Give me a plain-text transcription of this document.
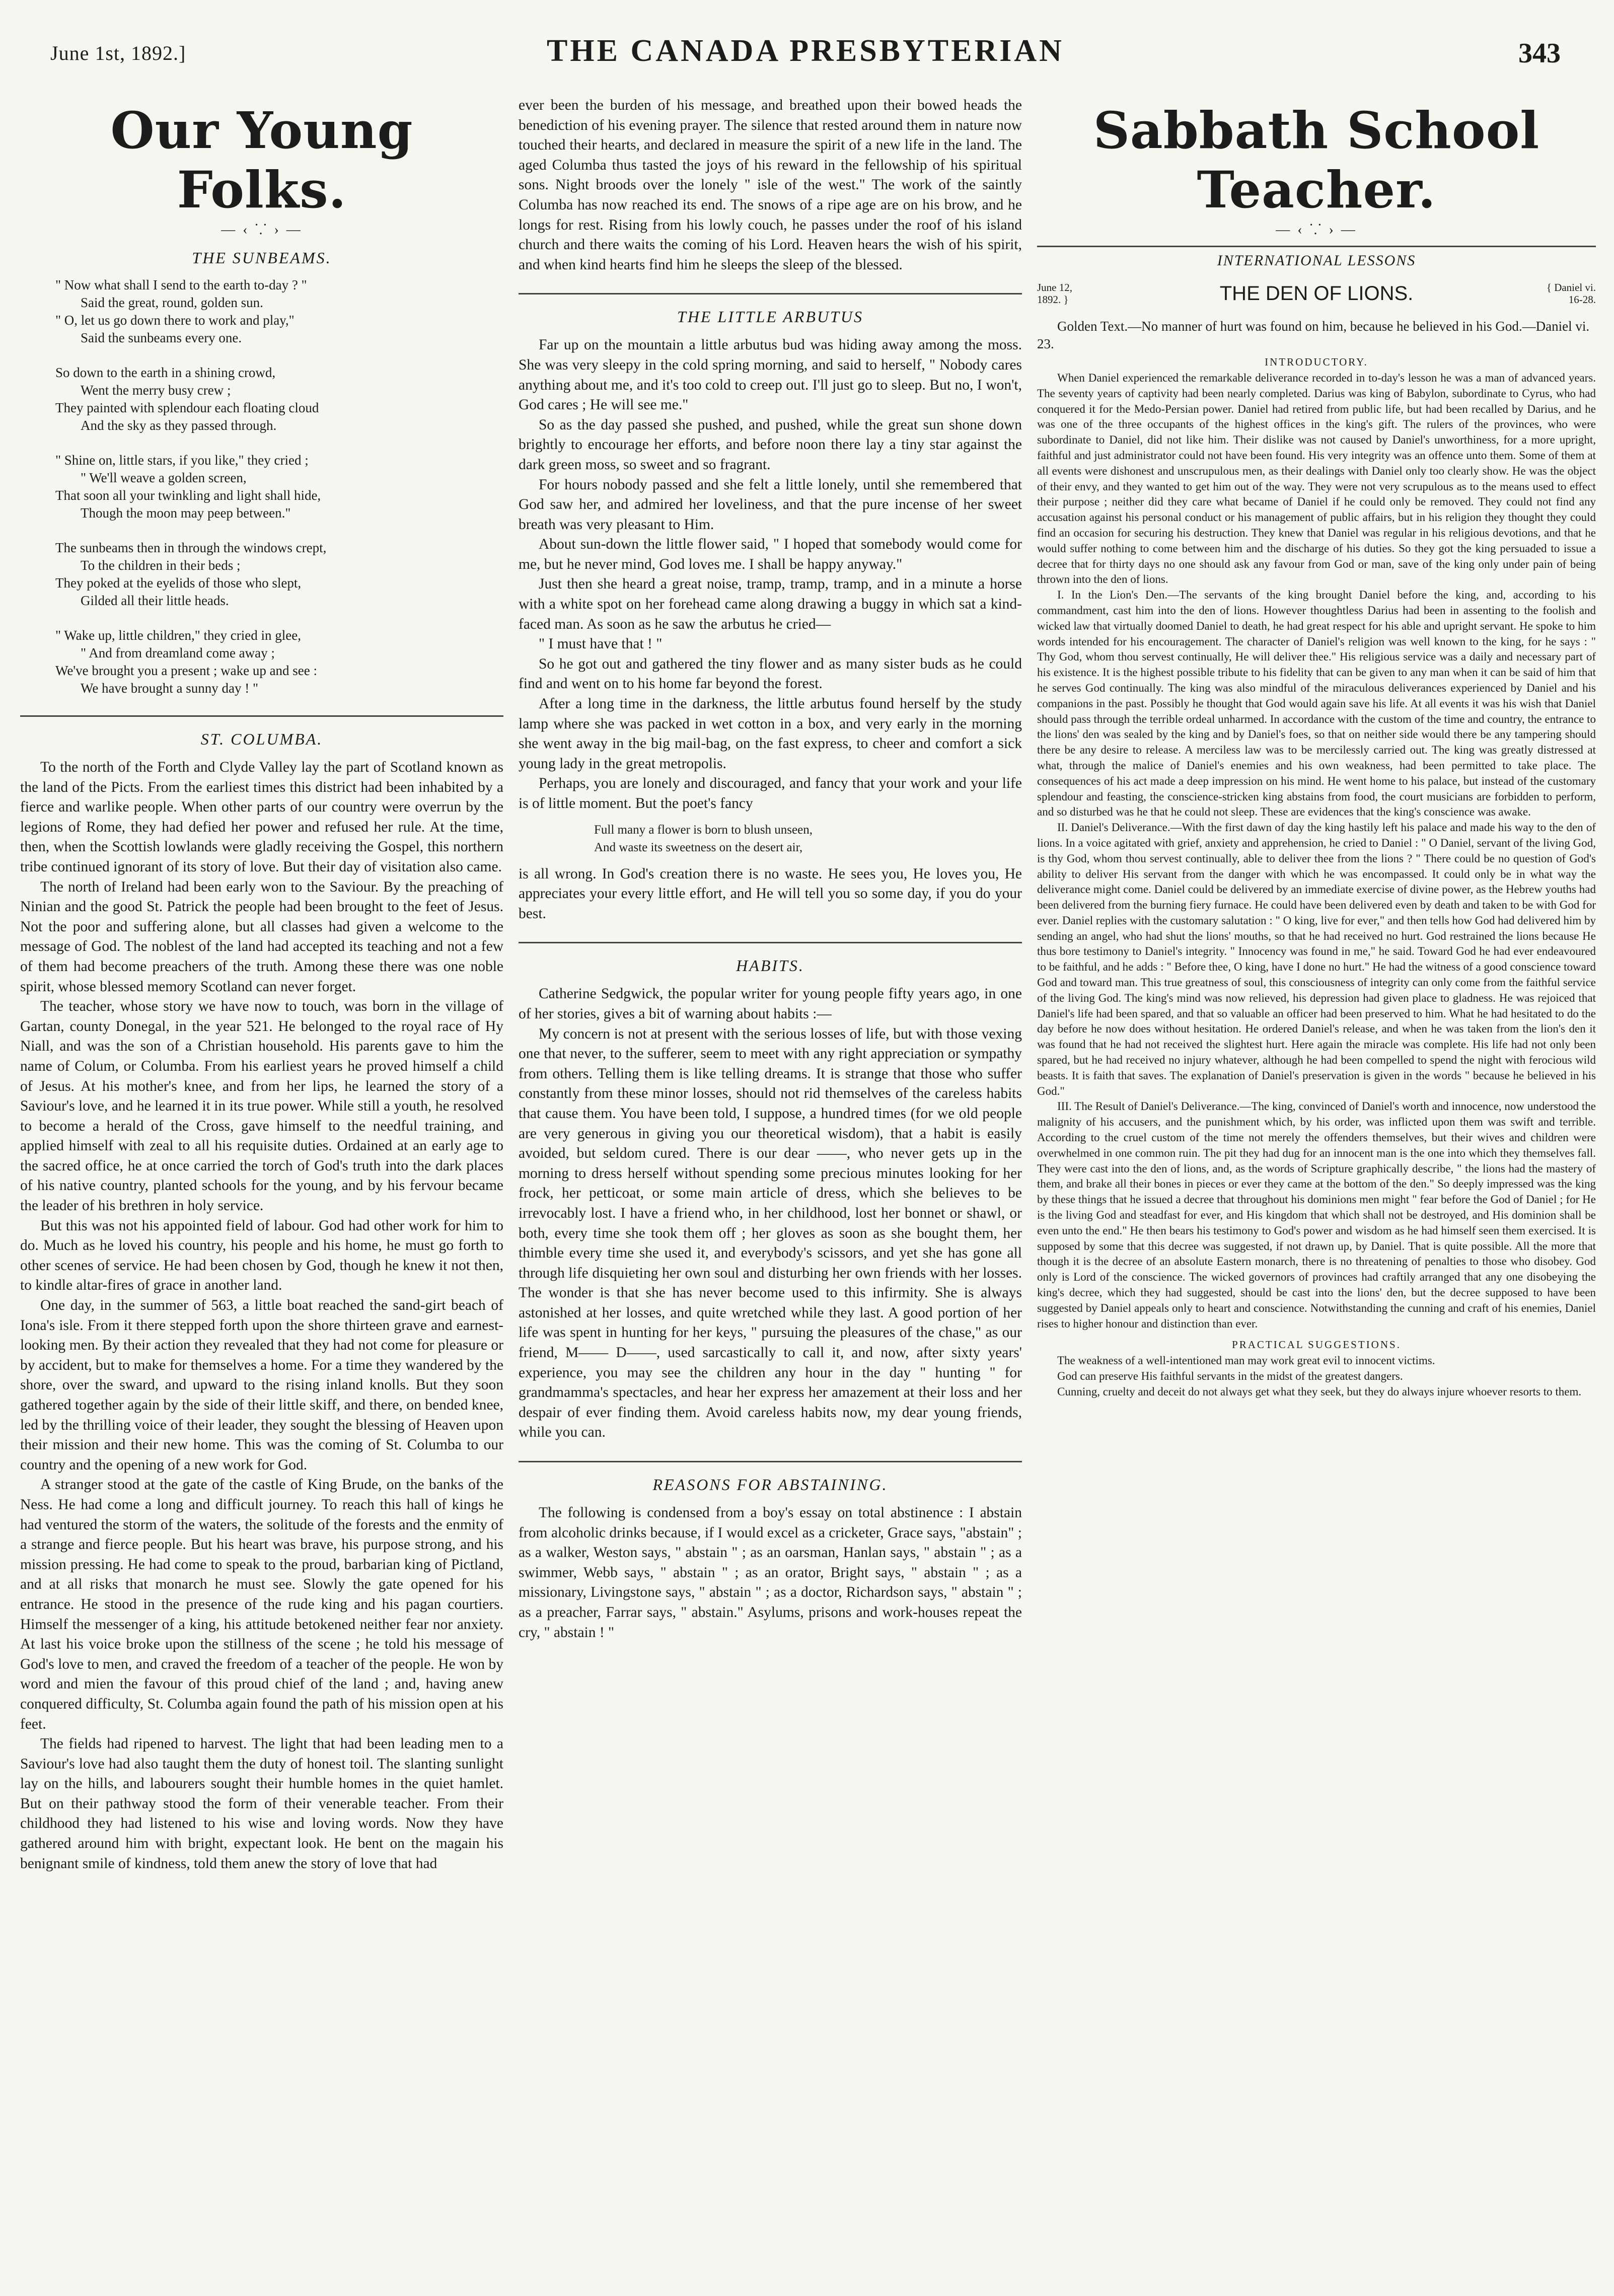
June 1st, 1892.]	THE CANADA PRESBYTERIAN	343
Our Young Folks.
— ‹ ⸪ › —
THE SUNBEAMS.
" Now what shall I send to the earth to-day ? "
Said the great, round, golden sun.
" O, let us go down there to work and play,"
Said the sunbeams every one.
So down to the earth in a shining crowd,
Went the merry busy crew ;
They painted with splendour each floating cloud
And the sky as they passed through.
" Shine on, little stars, if you like," they cried ;
" We'll weave a golden screen,
That soon all your twinkling and light shall hide,
Though the moon may peep between."
The sunbeams then in through the windows crept,
To the children in their beds ;
They poked at the eyelids of those who slept,
Gilded all their little heads.
" Wake up, little children," they cried in glee,
" And from dreamland come away ;
We've brought you a present ; wake up and see :
We have brought a sunny day ! "
ST. COLUMBA.

To the north of the Forth and Clyde Valley lay the part of Scotland known as the land of the Picts. From the earliest times this district had been inhabited by a fierce and warlike people. When other parts of our country were overrun by the legions of Rome, they had defied her power and refused her rule. At the time, then, when the Scottish lowlands were gladly receiving the Gospel, this northern tribe continued ignorant of its story of love. But their day of visitation also came.

The north of Ireland had been early won to the Saviour. By the preaching of Ninian and the good St. Patrick the people had been brought to the feet of Jesus. Not the poor and suffering alone, but all classes had given a welcome to the message of God. The noblest of the land had accepted its teaching and not a few of them had become preachers of the truth. Among these there was one noble spirit, whose blessed memory Scotland can never forget.

The teacher, whose story we have now to touch, was born in the village of Gartan, county Donegal, in the year 521. He belonged to the royal race of Hy Niall, and was the son of a Christian household. His parents gave to him the name of Colum, or Columba. From his earliest years he proved himself a child of Jesus. At his mother's knee, and from her lips, he learned the story of a Saviour's love, and he learned it in its true power. While still a youth, he resolved to become a herald of the Cross, gave himself to the needful training, and applied himself with zeal to all his requisite duties. Ordained at an early age to the sacred office, he at once carried the torch of God's truth into the dark places of his native country, planted schools for the young, and by his fervour became the leader of his brethren in holy service.

But this was not his appointed field of labour. God had other work for him to do. Much as he loved his country, his people and his home, he must go forth to other scenes of service. He had been chosen by God, though he knew it not then, to kindle altar-fires of grace in another land.

One day, in the summer of 563, a little boat reached the sand-girt beach of Iona's isle. From it there stepped forth upon the shore thirteen grave and earnest-looking men. By their action they revealed that they had not come for pleasure or by accident, but to make for themselves a home. For a time they wandered by the shore, over the sward, and upward to the rising inland knolls. But they soon gathered together again by the side of their little skiff, and there, on bended knee, led by the thrilling voice of their leader, they sought the blessing of Heaven upon their mission and their new home. This was the coming of St. Columba to our country and the opening of a new work for God.

A stranger stood at the gate of the castle of King Brude, on the banks of the Ness. He had come a long and difficult journey. To reach this hall of kings he had ventured the storm of the waters, the solitude of the forests and the enmity of a strange and fierce people. But his heart was brave, his purpose strong, and his mission pressing. He had come to speak to the proud, barbarian king of Pictland, and at all risks that monarch he must see. Slowly the gate opened for his entrance. He stood in the presence of the rude king and his pagan courtiers. Himself the messenger of a king, his attitude betokened neither fear nor anxiety. At last his voice broke upon the stillness of the scene ; he told his message of God's love to men, and craved the freedom of a teacher of the people. He won by word and mien the favour of this proud chief of the land ; and, having anew conquered difficulty, St. Columba again found the path of his mission open at his feet.

The fields had ripened to harvest. The light that had been leading men to a Saviour's love had also taught them the duty of honest toil. The slanting sunlight lay on the hills, and labourers sought their humble homes in the quiet hamlet. But on their pathway stood the form of their venerable teacher. From their childhood they had listened to his wise and loving words. Now they have gathered around him with bright, expectant look. He bent on the magain his benignant smile of kindness, told them anew the story of love that had

ever been the burden of his message, and breathed upon their bowed heads the benediction of his evening prayer. The silence that rested around them in nature now touched their hearts, and declared in measure the spirit of a new life in the land. The aged Columba thus tasted the joys of his reward in the fellowship of his spiritual sons. Night broods over the lonely " isle of the west." The work of the saintly Columba has now reached its end. The snows of a ripe age are on his brow, and he longs for rest. Rising from his lowly couch, he passes under the roof of his island church and there waits the coming of his Lord. Heaven hears the wish of his spirit, and when kind hearts find him he sleeps the sleep of the blessed.

THE LITTLE ARBUTUS

Far up on the mountain a little arbutus bud was hiding away among the moss. She was very sleepy in the cold spring morning, and said to herself, " Nobody cares anything about me, and it's too cold to creep out. I'll just go to sleep. But no, I won't, God cares ; He will see me."

So as the day passed she pushed, and pushed, while the great sun shone down brightly to encourage her efforts, and before noon there lay a tiny star against the dark green moss, so sweet and so fragrant.

For hours nobody passed and she felt a little lonely, until she remembered that God saw her, and admired her loveliness, and that the pure incense of her sweet breath was very pleasant to Him.

About sun-down the little flower said, " I hoped that somebody would come for me, but he never mind, God loves me. I shall be happy anyway."

Just then she heard a great noise, tramp, tramp, tramp, and in a minute a horse with a white spot on her forehead came along drawing a buggy in which sat a kind-faced man. As soon as he saw the arbutus he cried—

" I must have that ! "

So he got out and gathered the tiny flower and as many sister buds as he could find and went on to his home far beyond the forest.

After a long time in the darkness, the little arbutus found herself by the study lamp where she was packed in wet cotton in a box, and very early in the morning she went away in the big mail-bag, on the fast express, to cheer and comfort a sick young lady in the great metropolis.

Perhaps, you are lonely and discouraged, and fancy that your work and your life is of little moment. But the poet's fancy

Full many a flower is born to blush unseen,
And waste its sweetness on the desert air,

is all wrong. In God's creation there is no waste. He sees you, He loves you, He appreciates your every little effort, and He will tell you so some day, if you do your best.

HABITS.

Catherine Sedgwick, the popular writer for young people fifty years ago, in one of her stories, gives a bit of warning about habits :—

My concern is not at present with the serious losses of life, but with those vexing one that never, to the sufferer, seem to meet with any right appreciation or sympathy from others. Telling them is like telling dreams. It is strange that those who suffer constantly from these minor losses, should not rid themselves of the careless habits that cause them. You have been told, I suppose, a hundred times (for we old people are very generous in giving you our theoretical wisdom), that a habit is easily avoided, but seldom cured. There is our dear ——, who never gets up in the morning to dress herself without spending some precious minutes looking for her frock, her petticoat, or some main article of dress, which she believes to be irrevocably lost. I have a friend who, in her childhood, lost her bonnet or shawl, or both, every time she took them off ; her gloves as soon as she bought them, her thimble every time she used it, and everybody's scissors, and yet she has gone all through life disquieting her own soul and disturbing her own friends with her losses. The wonder is that she has never become used to this infirmity. She is always astonished at her losses, and quite wretched while they last. A good portion of her life was spent in hunting for her keys, " pursuing the pleasures of the chase," as our friend, M—— D——, used sarcastically to call it, and now, after sixty years' experience, you may see the children any hour in the day " hunting " for grandmamma's spectacles, and hear her express her amazement at their loss and her despair of ever finding them. Avoid careless habits now, my dear young friends, while you can.

REASONS FOR ABSTAINING.

The following is condensed from a boy's essay on total abstinence : I abstain from alcoholic drinks because, if I would excel as a cricketer, Grace says, "abstain" ; as a walker, Weston says, " abstain " ; as an oarsman, Hanlan says, " abstain " ; as a swimmer, Webb says, " abstain " ; as an orator, Bright says, " abstain " ; as a missionary, Livingstone says, " abstain " ; as a doctor, Richardson says, " abstain " ; as a preacher, Farrar says, " abstain." Asylums, prisons and work-houses repeat the cry, " abstain ! "

Sabbath School Teacher.
— ‹ ⸪ › —
INTERNATIONAL LESSONS
June 12,
1892. }	THE DEN OF LIONS.	{ Daniel vi.
16-28.
Golden Text.—No manner of hurt was found on him, because he believed in his God.—Daniel vi. 23.
INTRODUCTORY.

When Daniel experienced the remarkable deliverance recorded in to-day's lesson he was a man of advanced years. The seventy years of captivity had been nearly completed. Darius was king of Babylon, subordinate to Cyrus, who had conquered it for the Medo-Persian power. Daniel had retired from public life, but had been recalled by Darius, and he was one of the three occupants of the highest offices in the king's gift. The rulers of the provinces, who were subordinate to Daniel, did not like him. Their dislike was not caused by Daniel's unworthiness, for a more upright, faithful and just administrator could not have been found. His very integrity was an offence unto them. Some of them at all events were dishonest and unscrupulous men, as their dealings with Daniel only too clearly show. He was the object of their envy, and they wanted to get him out of the way. They were not very scrupulous as to the means used to effect their purpose ; neither did they care what became of Daniel if he could only be removed. They could not find any accusation against his personal conduct or his management of public affairs, but in his religion they thought they could find an occasion for securing his destruction. They knew that Daniel was regular in his religious devotions, and that he would suffer nothing to come between him and the discharge of his duties. So they got the king persuaded to issue a decree that for thirty days no one should ask any favour from God or man, save of the king only under pain of being thrown into the den of lions.

I. In the Lion's Den.—The servants of the king brought Daniel before the king, and, according to his commandment, cast him into the den of lions. However thoughtless Darius had been in assenting to the foolish and wicked law that virtually doomed Daniel to death, he had great respect for his able and upright servant. He spoke to him words intended for his encouragement. The character of Daniel's religion was well known to the king, for he says : " Thy God, whom thou servest continually, He will deliver thee." His religious service was a daily and necessary part of his existence. It is the highest possible tribute to his fidelity that can be given to any man when it can be said of him that he serves God continually. The king was also mindful of the miraculous deliverances experienced by Daniel and his companions in the past. Possibly he thought that God would again save his life. At all events it was his wish that Daniel should pass through the terrible ordeal unharmed. In accordance with the custom of the time and country, the entrance to the lions' den was sealed by the king and by Daniel's foes, so that on neither side would there be any tampering should there be any desire to release. A merciless law was to be mercilessly carried out. The king was greatly distressed at what, through the malice of Daniel's enemies and his own weakness, had been permitted to take place. The consequences of his act made a deep impression on his mind. He went home to his palace, but instead of the customary splendour and feasting, the conscience-stricken king abstains from food, the court musicians are forbidden to perform, and so disturbed was he that he could not sleep. These are evidences that the king's conscience was awake.

II. Daniel's Deliverance.—With the first dawn of day the king hastily left his palace and made his way to the den of lions. In a voice agitated with grief, anxiety and apprehension, he cried to Daniel : " O Daniel, servant of the living God, is thy God, whom thou servest continually, able to deliver thee from the lions ? " There could be no question of God's ability to deliver His servant from the danger with which he was encompassed. It could only be in what way the deliverance might come. Daniel could be delivered by an immediate exercise of divine power, as the Hebrew youths had been delivered from the burning fiery furnace. He could have been delivered even by death and taken to be with God for ever. Daniel replies with the customary salutation : " O king, live for ever," and then tells how God had delivered him by sending an angel, who had shut the lions' mouths, so that he had received no hurt. God restrained the lions because He thus bore testimony to Daniel's integrity. " Innocency was found in me," he said. Toward God he had ever endeavoured to be faithful, and he adds : " Before thee, O king, have I done no hurt." He had the witness of a good conscience toward God and toward man. This true greatness of soul, this consciousness of integrity can only come from the faithful service of the living God. The king's mind was now relieved, his depression had given place to gladness. He was rejoiced that Daniel's life had been spared, and that so valuable an officer had been preserved to him. What he had hesitated to do the day before he now does without hesitation. He ordered Daniel's release, and when he was taken from the lion's den it was found that he had not received the slightest hurt. Here again the miracle was complete. His life had not only been spared, but he had received no injury whatever, although he had been compelled to spend the night with ferocious wild beasts. It is faith that saves. The explanation of Daniel's preservation is given in the words " because he believed in his God."

III. The Result of Daniel's Deliverance.—The king, convinced of Daniel's worth and innocence, now understood the malignity of his accusers, and the punishment which, by his order, was inflicted upon them was swift and terrible. According to the cruel custom of the time not merely the offenders themselves, but their wives and children were overwhelmed in one common ruin. The pit they had dug for an innocent man is the one into which they themselves fall. They were cast into the den of lions, and, as the words of Scripture graphically describe, " the lions had the mastery of them, and brake all their bones in pieces or ever they came at the bottom of the den." So deeply impressed was the king by these things that he issued a decree that throughout his dominions men might " fear before the God of Daniel ; for He is the living God and steadfast for ever, and His kingdom that which shall not be destroyed, and His dominion shall be even unto the end." He then bears his testimony to God's power and wisdom as he had himself seen them exercised. It is supposed by some that this decree was suggested, if not drawn up, by Daniel. That is quite possible. All the more that though it is the decree of an absolute Eastern monarch, there is no threatening of penalties to those who disobey. God only is Lord of the conscience. The wicked governors of provinces had craftily arranged that any one disobeying the king's decree, which they had suggested, should be cast into the lions' den, but the decree supposed to have been suggested by Daniel appeals only to heart and conscience. Notwithstanding the cunning and craft of his enemies, Daniel rises to higher honour and distinction than ever.

PRACTICAL SUGGESTIONS.

The weakness of a well-intentioned man may work great evil to innocent victims.

God can preserve His faithful servants in the midst of the greatest dangers.

Cunning, cruelty and deceit do not always get what they seek, but they do always injure whoever resorts to them.
